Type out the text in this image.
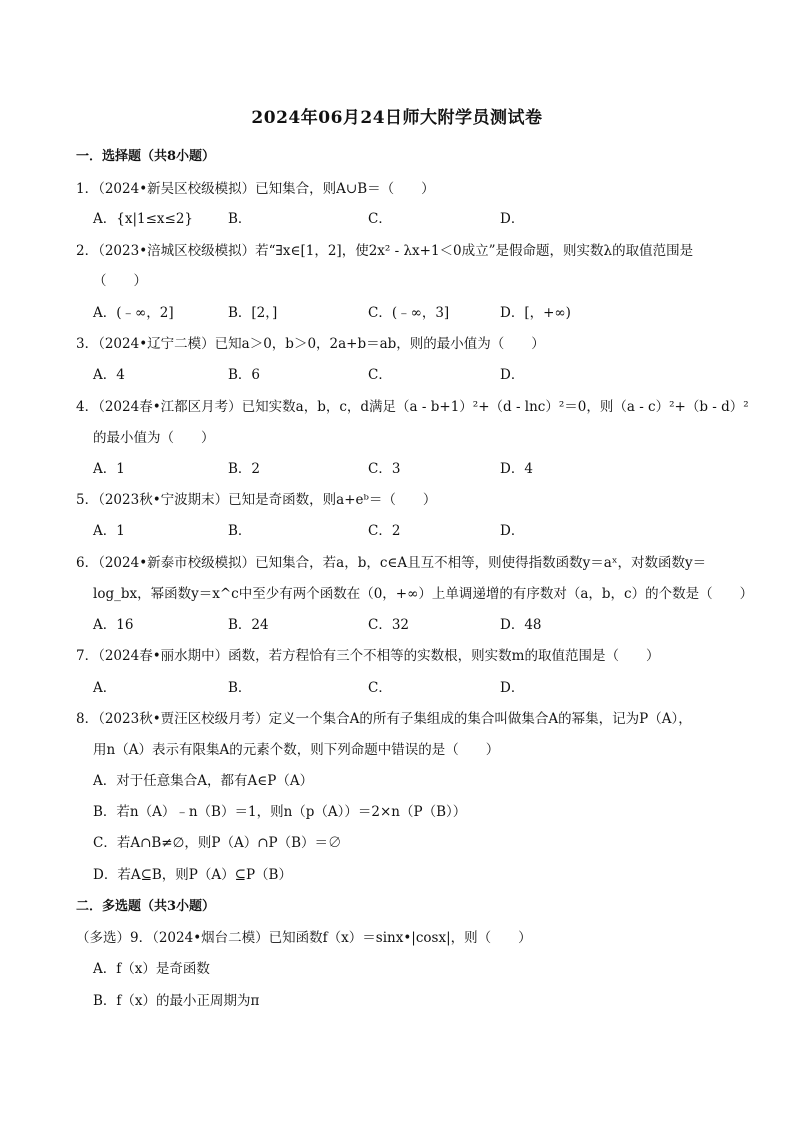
2024年06月24日师大附学员测试卷
一．选择题（共8小题）
1．（2024•新吴区校级模拟）已知集合，则A∪B＝（　　）
A．{x|1≤x≤2}	B．	C．	D．
2．（2023•涪城区校级模拟）若“∃x∈[1，2]，使2x² - λx+1＜0成立”是假命题，则实数λ的取值范围是
（　　）
A．(﹣∞，2]	B．[2，]	C．(﹣∞，3]	D．[，+∞)
3．（2024•辽宁二模）已知a＞0，b＞0，2a+b＝ab，则的最小值为（　　）
A．4	B．6	C．	D．
4．（2024春•江都区月考）已知实数a，b，c，d满足（a - b+1）²+（d - lnc）²＝0，则（a - c）²+（b - d）²
的最小值为（　　）
A．1	B．2	C．3	D．4
5．（2023秋•宁波期末）已知是奇函数，则a+eᵇ＝（　　）
A．1	B．	C．2	D．
6．（2024•新泰市校级模拟）已知集合，若a，b，c∈A且互不相等，则使得指数函数y＝aˣ，对数函数y＝
log_bx，幂函数y＝x^c中至少有两个函数在（0，+∞）上单调递增的有序数对（a，b，c）的个数是（　　）
A．16	B．24	C．32	D．48
7．（2024春•丽水期中）函数，若方程恰有三个不相等的实数根，则实数m的取值范围是（　　）
A．	B．	C．	D．
8．（2023秋•贾汪区校级月考）定义一个集合A的所有子集组成的集合叫做集合A的幂集，记为P（A），
用n（A）表示有限集A的元素个数，则下列命题中错误的是（　　）
A．对于任意集合A，都有A∈P（A）
B．若n（A）﹣n（B）＝1，则n（p（A））＝2×n（P（B））
C．若A∩B≠∅，则P（A）∩P（B）＝∅
D．若A⊆B，则P（A）⊆P（B）
二．多选题（共3小题）
（多选）9．（2024•烟台二模）已知函数f（x）＝sinx•|cosx|，则（　　）
A．f（x）是奇函数
B．f（x）的最小正周期为π
